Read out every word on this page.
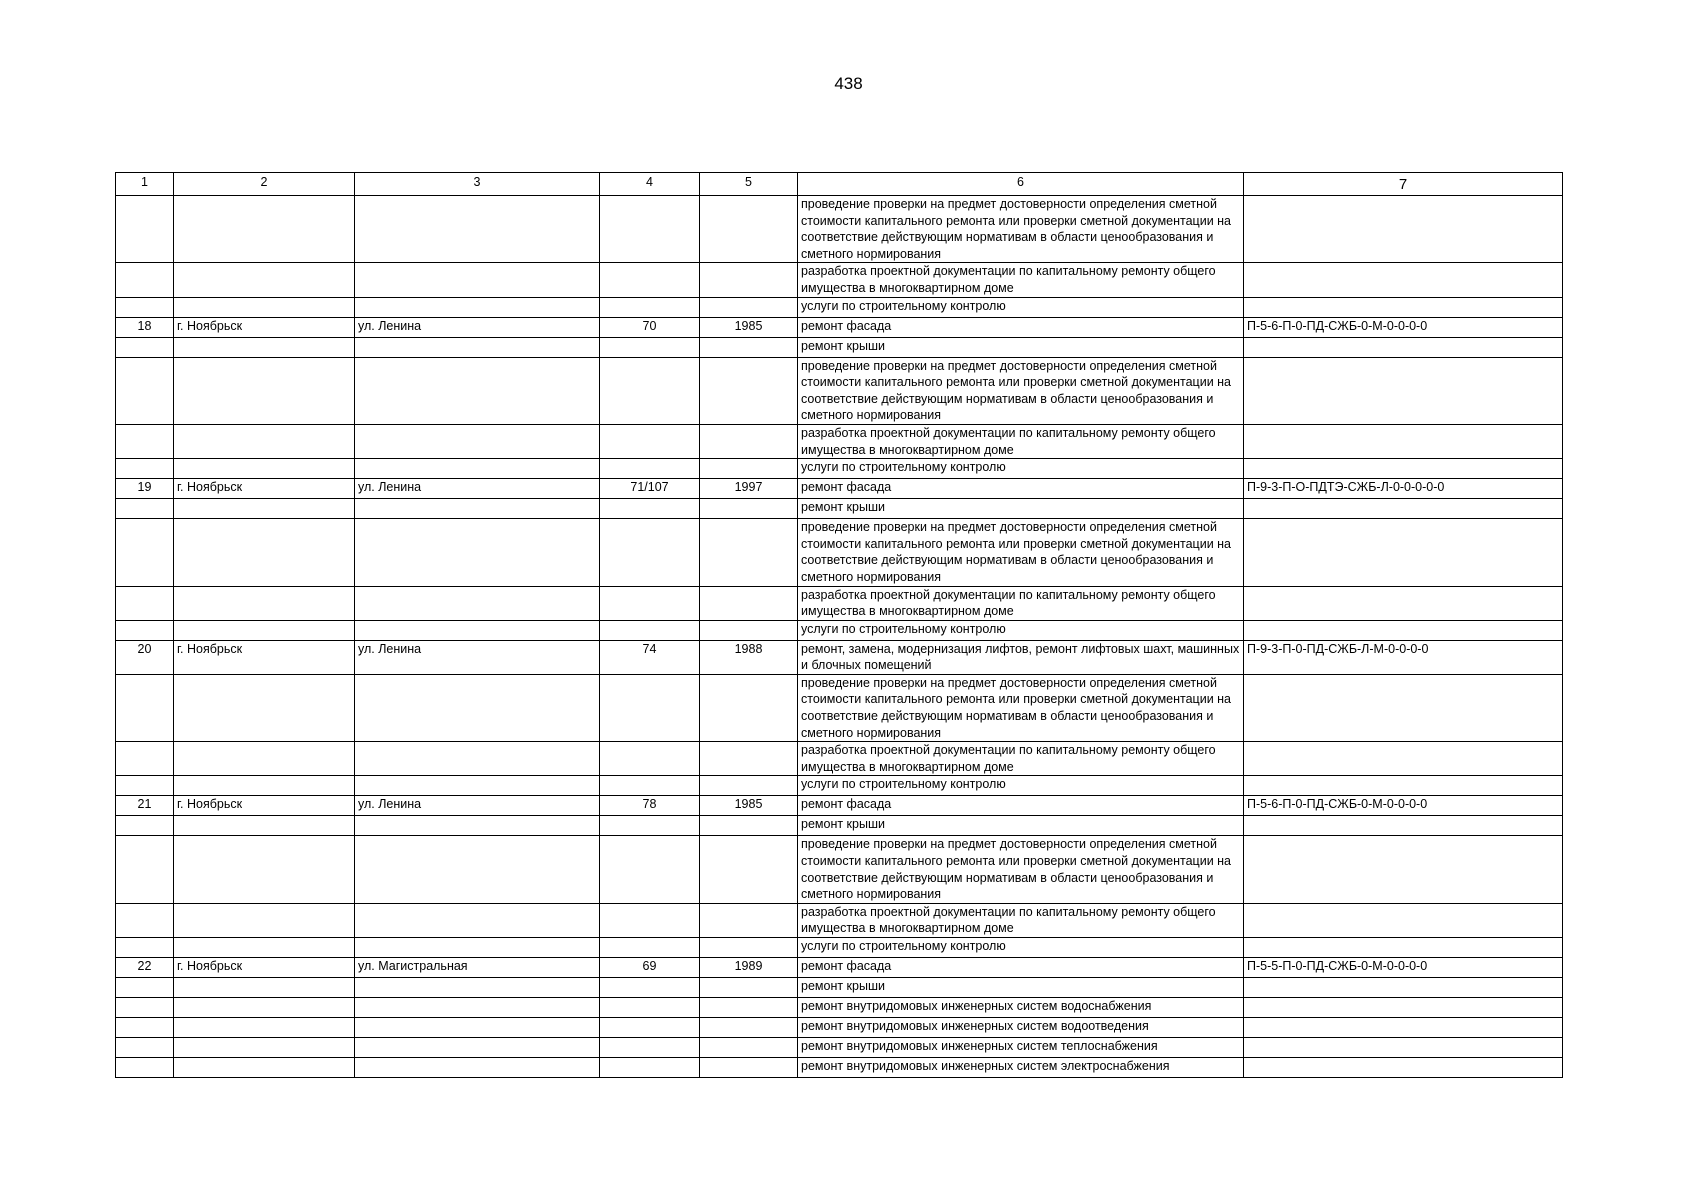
438
1	2	3	4	5	6	7
					проведение проверки на предмет достоверности определения сметной стоимости капитального ремонта или проверки сметной документации на соответствие действующим нормативам в области ценообразования и сметного нормирования	
					разработка проектной документации по капитальному ремонту общего имущества в многоквартирном доме	
					услуги по строительному контролю	
18	г. Ноябрьск	ул. Ленина	70	1985	ремонт фасада	П-5-6-П-0-ПД-СЖБ-0-М-0-0-0-0
					ремонт крыши	
					проведение проверки на предмет достоверности определения сметной стоимости капитального ремонта или проверки сметной документации на соответствие действующим нормативам в области ценообразования и сметного нормирования	
					разработка проектной документации по капитальному ремонту общего имущества в многоквартирном доме	
					услуги по строительному контролю	
19	г. Ноябрьск	ул. Ленина	71/107	1997	ремонт фасада	П-9-3-П-О-ПДТЭ-СЖБ-Л-0-0-0-0-0
					ремонт крыши	
					проведение проверки на предмет достоверности определения сметной стоимости капитального ремонта или проверки сметной документации на соответствие действующим нормативам в области ценообразования и сметного нормирования	
					разработка проектной документации по капитальному ремонту общего имущества в многоквартирном доме	
					услуги по строительному контролю	
20	г. Ноябрьск	ул. Ленина	74	1988	ремонт, замена, модернизация лифтов, ремонт лифтовых шахт, машинных и блочных помещений	П-9-3-П-0-ПД-СЖБ-Л-М-0-0-0-0
					проведение проверки на предмет достоверности определения сметной стоимости капитального ремонта или проверки сметной документации на соответствие действующим нормативам в области ценообразования и сметного нормирования	
					разработка проектной документации по капитальному ремонту общего имущества в многоквартирном доме	
					услуги по строительному контролю	
21	г. Ноябрьск	ул. Ленина	78	1985	ремонт фасада	П-5-6-П-0-ПД-СЖБ-0-М-0-0-0-0
					ремонт крыши	
					проведение проверки на предмет достоверности определения сметной стоимости капитального ремонта или проверки сметной документации на соответствие действующим нормативам в области ценообразования и сметного нормирования	
					разработка проектной документации по капитальному ремонту общего имущества в многоквартирном доме	
					услуги по строительному контролю	
22	г. Ноябрьск	ул. Магистральная	69	1989	ремонт фасада	П-5-5-П-0-ПД-СЖБ-0-М-0-0-0-0
					ремонт крыши	
					ремонт внутридомовых инженерных систем водоснабжения	
					ремонт внутридомовых инженерных систем водоотведения	
					ремонт внутридомовых инженерных систем теплоснабжения	
					ремонт внутридомовых инженерных систем электроснабжения	
